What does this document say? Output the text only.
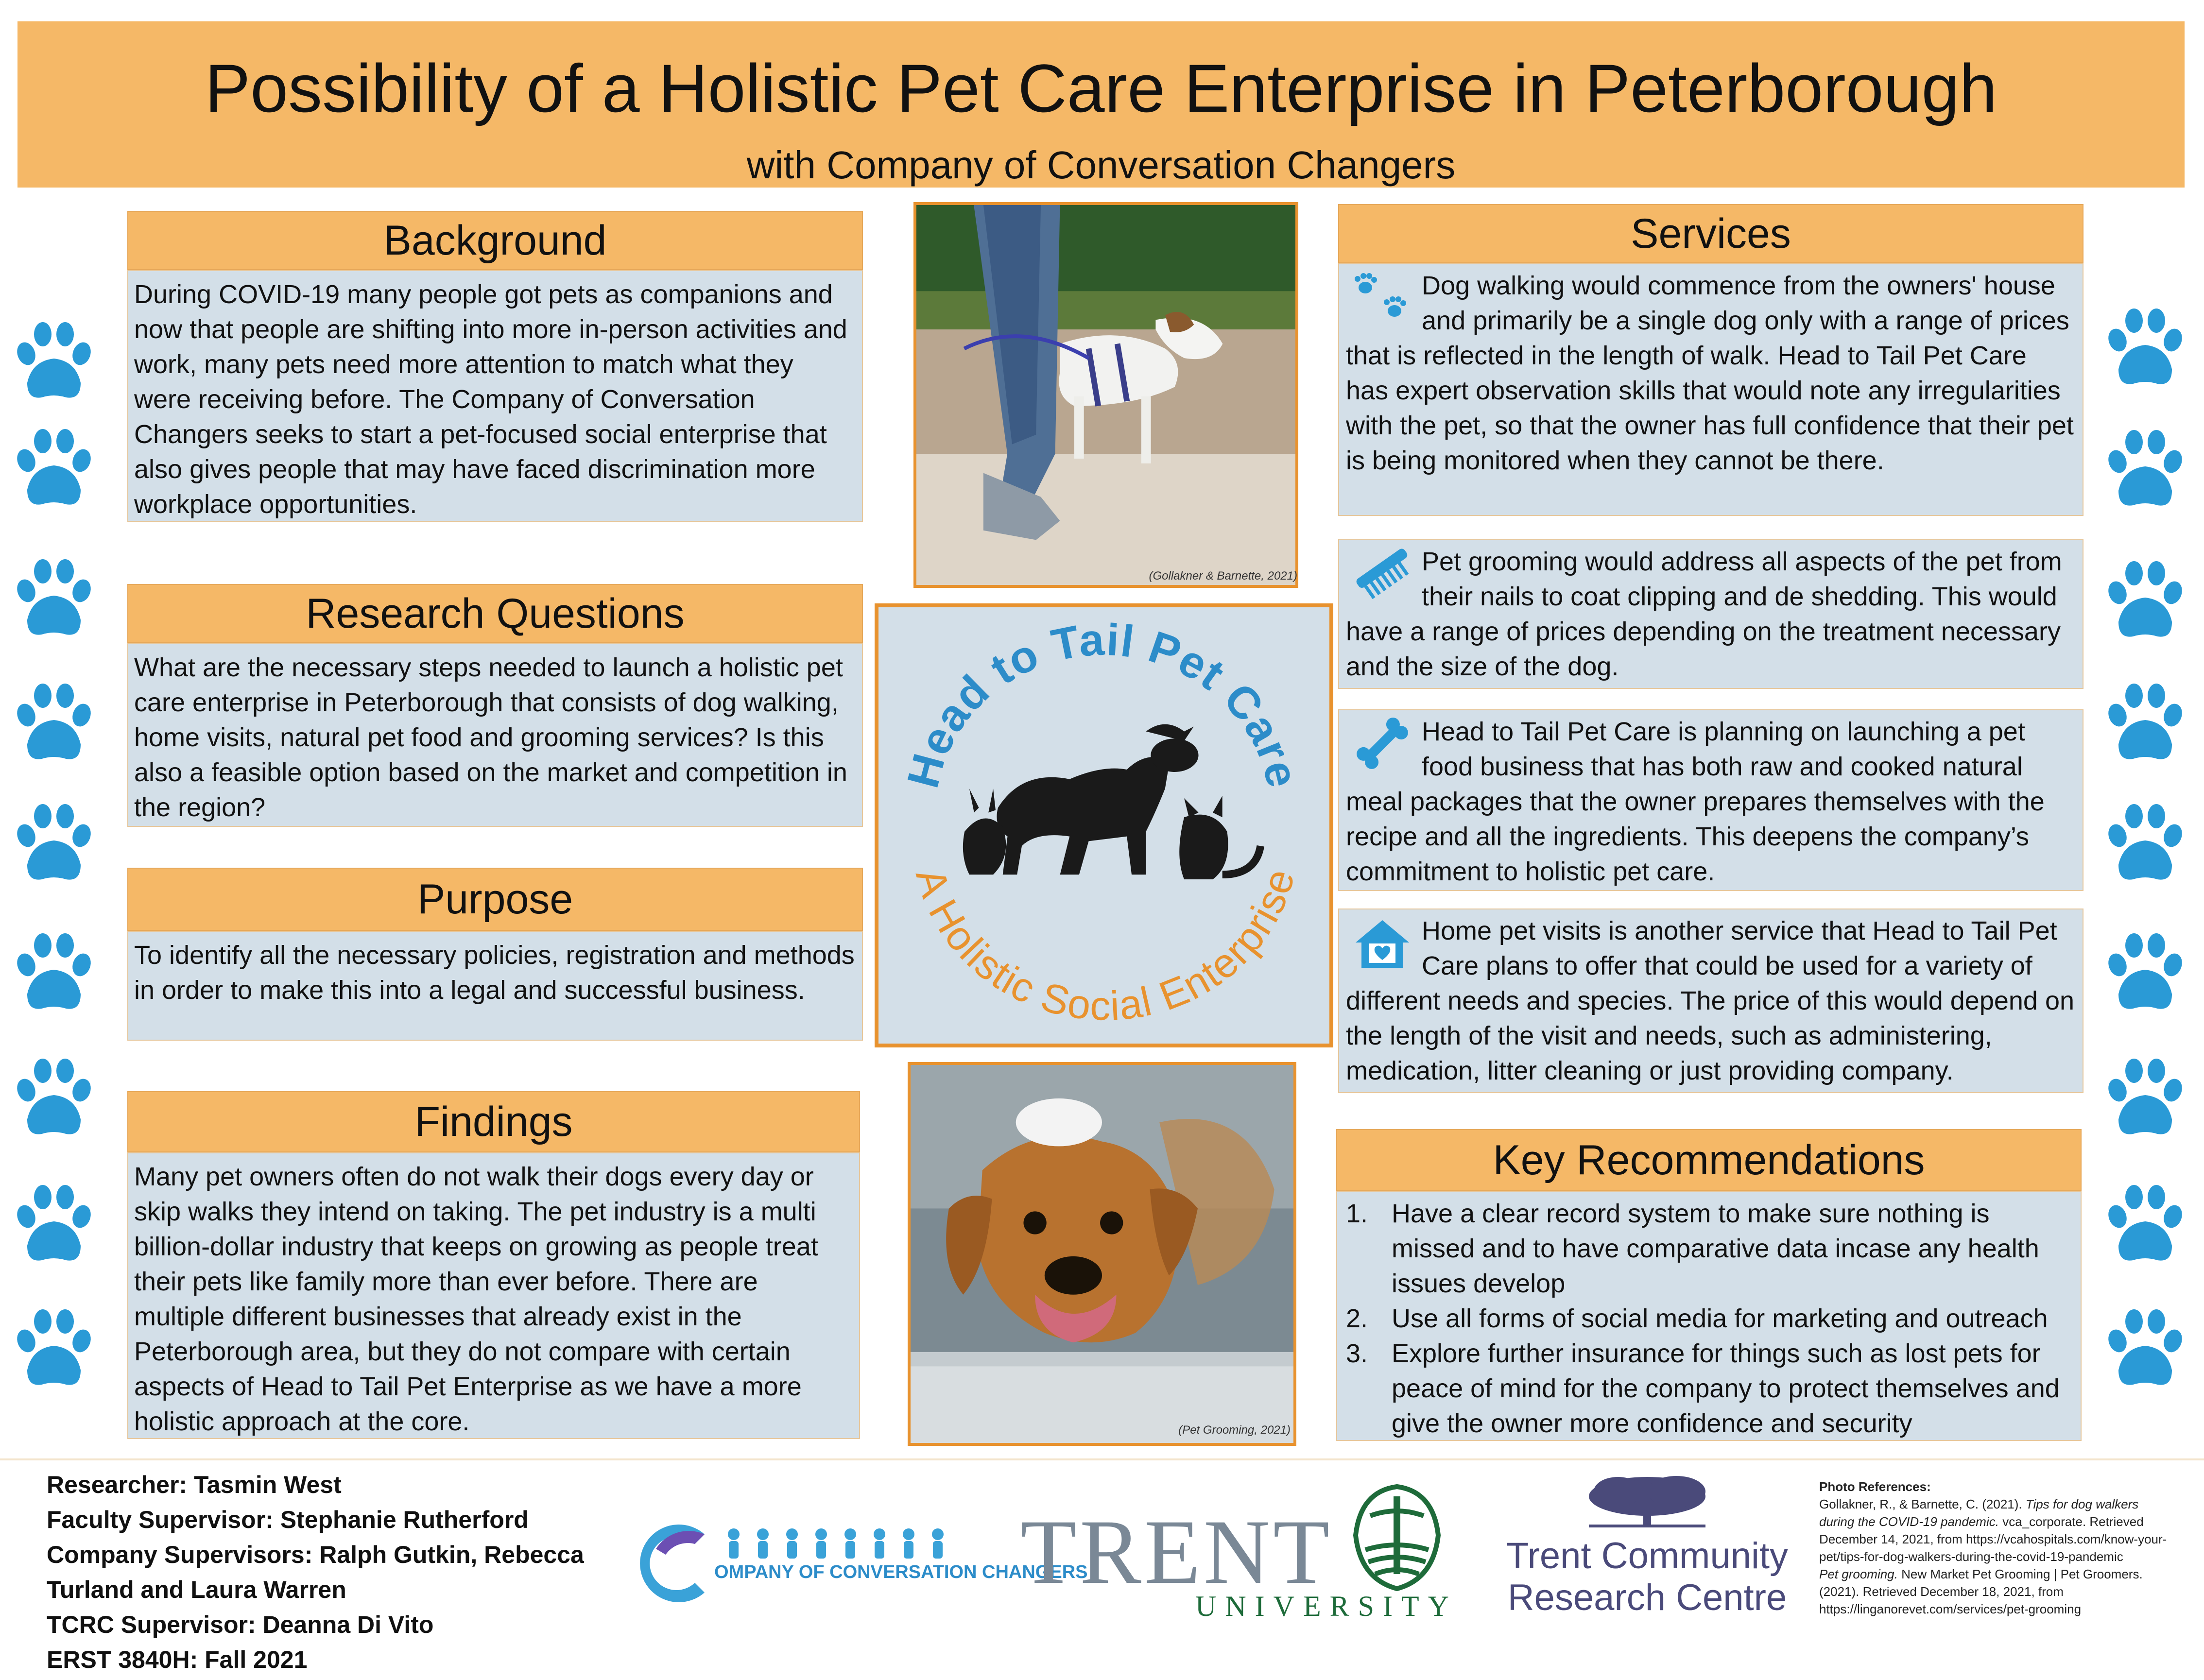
Possibility of a Holistic Pet Care Enterprise in Peterborough
with Company of Conversation Changers
Background
During COVID-19 many people got pets as companions and now that people are shifting into more in-person activities and work, many pets need more attention to match what they were receiving before. The Company of Conversation Changers seeks to start a pet-focused social enterprise that also gives people that may have faced discrimination more workplace opportunities.
Research Questions
What are the necessary steps needed to launch a holistic pet care enterprise in Peterborough that consists of dog walking, home visits, natural pet food and grooming services? Is this also a feasible option based on the market and competition in the region?
Purpose
To identify all the necessary policies, registration and methods in order to make this into a legal and successful business.
Findings
Many pet owners often do not walk their dogs every day or skip walks they intend on taking. The pet industry is a multi billion-dollar industry that keeps on growing as people treat their pets like family more than ever before. There are multiple different businesses that already exist in the Peterborough area, but they do not compare with certain aspects of Head to Tail Pet Enterprise as we have a more holistic approach at the core.
(Gollakner & Barnette, 2021)
Head to Tail Pet Care
A Holistic Social Enterprise
(Pet Grooming, 2021)
Services
Dog walking would commence from the owners' house and primarily be a single dog only with a range of prices that is reflected in the length of walk. Head to Tail Pet Care has expert observation skills that would note any irregularities with the pet, so that the owner has full confidence that their pet is being monitored when they cannot be there.
Pet grooming would address all aspects of the pet from their nails to coat clipping and de shedding. This would have a range of prices depending on the treatment necessary and the size of the dog.
Head to Tail Pet Care is planning on launching a pet food business that has both raw and cooked natural meal packages that the owner prepares themselves with the recipe and all the ingredients. This deepens the company’s commitment to holistic pet care.
Home pet visits is another service that Head to Tail Pet Care plans to offer that could be used for a variety of different needs and species. The price of this would depend on the length of the visit and needs, such as administering, medication, litter cleaning or just providing company.
Key Recommendations
1. Have a clear record system to make sure nothing is missed and to have comparative data incase any health issues develop
2. Use all forms of social media for marketing and outreach
3. Explore further insurance for things such as lost pets for peace of mind for the company to protect themselves and give the owner more confidence and security
Researcher: Tasmin West
Faculty Supervisor: Stephanie Rutherford
Company Supervisors: Ralph Gutkin, Rebecca
Turland and Laura Warren
TCRC Supervisor: Deanna Di Vito
ERST 3840H: Fall 2021
OMPANY OF CONVERSATION CHANGERS
TRENT
UNIVERSITY
Trent Community
Research Centre
Photo References:
Gollakner, R., & Barnette, C. (2021). Tips for dog walkers during the COVID-19 pandemic. vca_corporate. Retrieved December 14, 2021, from https://vcahospitals.com/know-your-pet/tips-for-dog-walkers-during-the-covid-19-pandemic
Pet grooming. New Market Pet Grooming | Pet Groomers. (2021). Retrieved December 18, 2021, from https://linganorevet.com/services/pet-grooming
